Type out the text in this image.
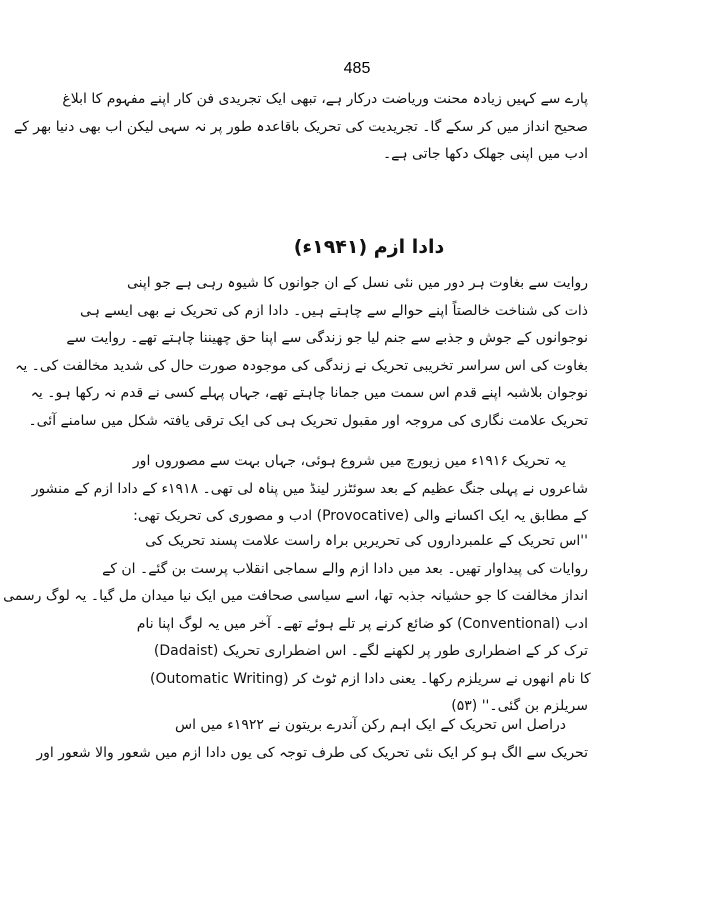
485
پارے سے کہیں زیادہ محنت وریاضت درکار ہے، تبھی ایک تجریدی فن کار اپنے مفہوم کا ابلاغ
صحیح انداز میں کر سکے گا۔ تجریدیت کی تحریک باقاعدہ طور پر نہ سہی لیکن اب بھی دنیا بھر کے
ادب میں اپنی جھلک دکھا جاتی ہے۔
دادا ازم (۱۹۴۱ء)
روایت سے بغاوت ہر دور میں نئی نسل کے ان جوانوں کا شیوہ رہی ہے جو اپنی
ذات کی شناخت خالصتاً اپنے حوالے سے چاہتے ہیں۔ دادا ازم کی تحریک نے بھی ایسے ہی
نوجوانوں کے جوش و جذبے سے جنم لیا جو زندگی سے اپنا حق چھیننا چاہتے تھے۔ روایت سے
بغاوت کی اس سراسر تخریبی تحریک نے زندگی کی موجودہ صورت حال کی شدید مخالفت کی۔ یہ
نوجوان بلاشبہ اپنے قدم اس سمت میں جمانا چاہتے تھے، جہاں پہلے کسی نے قدم نہ رکھا ہو۔ یہ
تحریک علامت نگاری کی مروجہ اور مقبول تحریک ہی کی ایک ترقی یافتہ شکل میں سامنے آئی۔
یہ تحریک ۱۹۱۶ء میں زیورچ میں شروع ہوئی، جہاں بہت سے مصوروں اور
شاعروں نے پہلی جنگ عظیم کے بعد سوئٹزر لینڈ میں پناہ لی تھی۔ ۱۹۱۸ء کے دادا ازم کے منشور
کے مطابق یہ ایک اکسانے والی (Provocative) ادب و مصوری کی تحریک تھی:
''اس تحریک کے علمبرداروں کی تحریریں براہ راست علامت پسند تحریک کی
روایات کی پیداوار تھیں۔ بعد میں دادا ازم والے سماجی انقلاب پرست بن گئے۔ ان کے
انداز مخالفت کا جو حشیانہ جذبہ تھا، اسے سیاسی صحافت میں ایک نیا میدان مل گیا۔ یہ لوگ رسمی
ادب (Conventional) کو ضائع کرنے پر تلے ہوئے تھے۔ آخر میں یہ لوگ اپنا نام
(Dadaist) ترک کر کے اضطراری طور پر لکھنے لگے۔ اس اضطراری تحریک
(Outomatic Writing) کا نام انھوں نے سریلزم رکھا۔ یعنی دادا ازم ٹوٹ کر
سریلزم بن گئی۔'' (۵۳)
دراصل اس تحریک کے ایک اہم رکن آندرے بریتون نے ۱۹۲۲ء میں اس
تحریک سے الگ ہو کر ایک نئی تحریک کی طرف توجہ کی یوں دادا ازم میں شعور والا شعور اور
